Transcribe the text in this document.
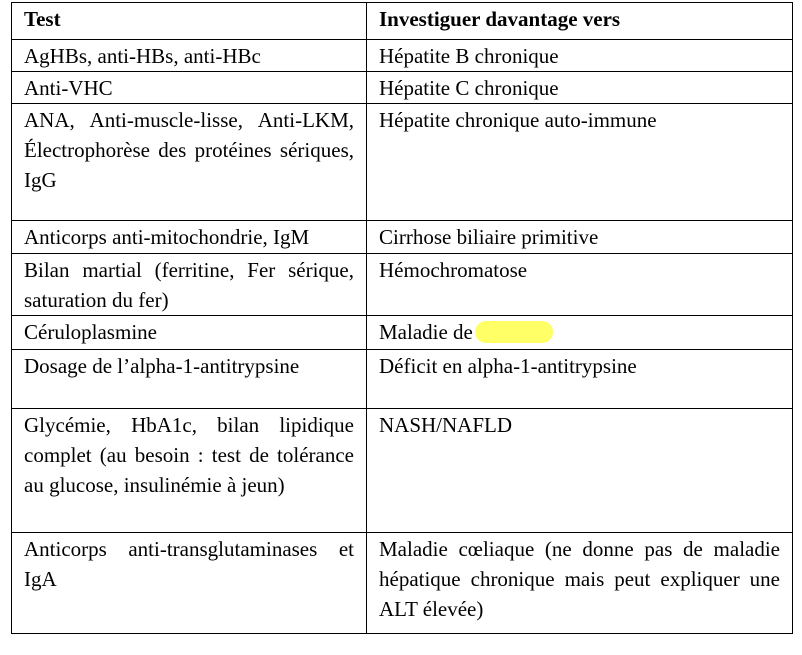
Test	Investiguer davantage vers
AgHBs, anti-HBs, anti-HBc	Hépatite B chronique
Anti-VHC	Hépatite C chronique
ANA, Anti-muscle-lisse, Anti-LKM, Électrophorèse des protéines sériques, IgG	Hépatite chronique auto-immune
Anticorps anti-mitochondrie, IgM	Cirrhose biliaire primitive
Bilan martial (ferritine, Fer sérique, saturation du fer)	Hémochromatose
Céruloplasmine	Maladie de
Dosage de l’alpha-1-antitrypsine	Déficit en alpha-1-antitrypsine
Glycémie, HbA1c, bilan lipidique complet (au besoin : test de tolérance au glucose, insulinémie à jeun)	NASH/NAFLD
Anticorps anti-transglutaminases et IgA	Maladie cœliaque (ne donne pas de maladie hépatique chronique mais peut expliquer une ALT élevée)
